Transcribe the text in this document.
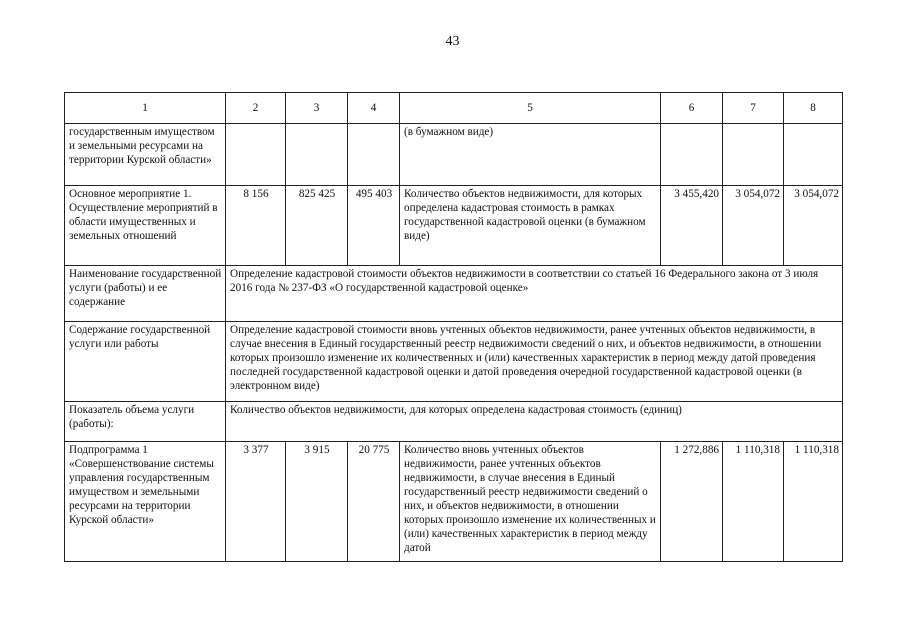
43
1	2	3	4	5	6	7	8
государственным имуществом и земельными ресурсами на территории Курской области»				(в бумажном виде)			
Основное мероприятие 1. Осуществление мероприятий в области имущественных и земельных отношений	8 156	825 425	495 403	Количество объектов недвижимости, для которых определена кадастровая стоимость в рамках государственной кадастровой оценки (в бумажном виде)	3 455,420	3 054,072	3 054,072
Наименование государственной услуги (работы) и ее содержание	Определение кадастровой стоимости объектов недвижимости в соответствии со статьей 16 Федерального закона от 3 июля 2016 года № 237-ФЗ «О государственной кадастровой оценке»						
Содержание государственной услуги или работы	Определение кадастровой стоимости вновь учтенных объектов недвижимости, ранее учтенных объектов недвижимости, в случае внесения в Единый государственный реестр недвижимости сведений о них, и объектов недвижимости, в отношении которых произошло изменение их количественных и (или) качественных характеристик в период между датой проведения последней государственной кадастровой оценки и датой проведения очередной государственной кадастровой оценки (в электронном виде)						
Показатель объема услуги (работы):	Количество объектов недвижимости, для которых определена кадастровая стоимость (единиц)						
Подпрограмма 1 «Совершенствование системы управления государственным имуществом и земельными ресурсами на территории Курской области»	3 377	3 915	20 775	Количество вновь учтенных объектов недвижимости, ранее учтенных объектов недвижимости, в случае внесения в Единый государственный реестр недвижимости сведений о них, и объектов недвижимости, в отношении которых произошло изменение их количественных и (или) качественных характеристик в период между датой	1 272,886	1 110,318	1 110,318
